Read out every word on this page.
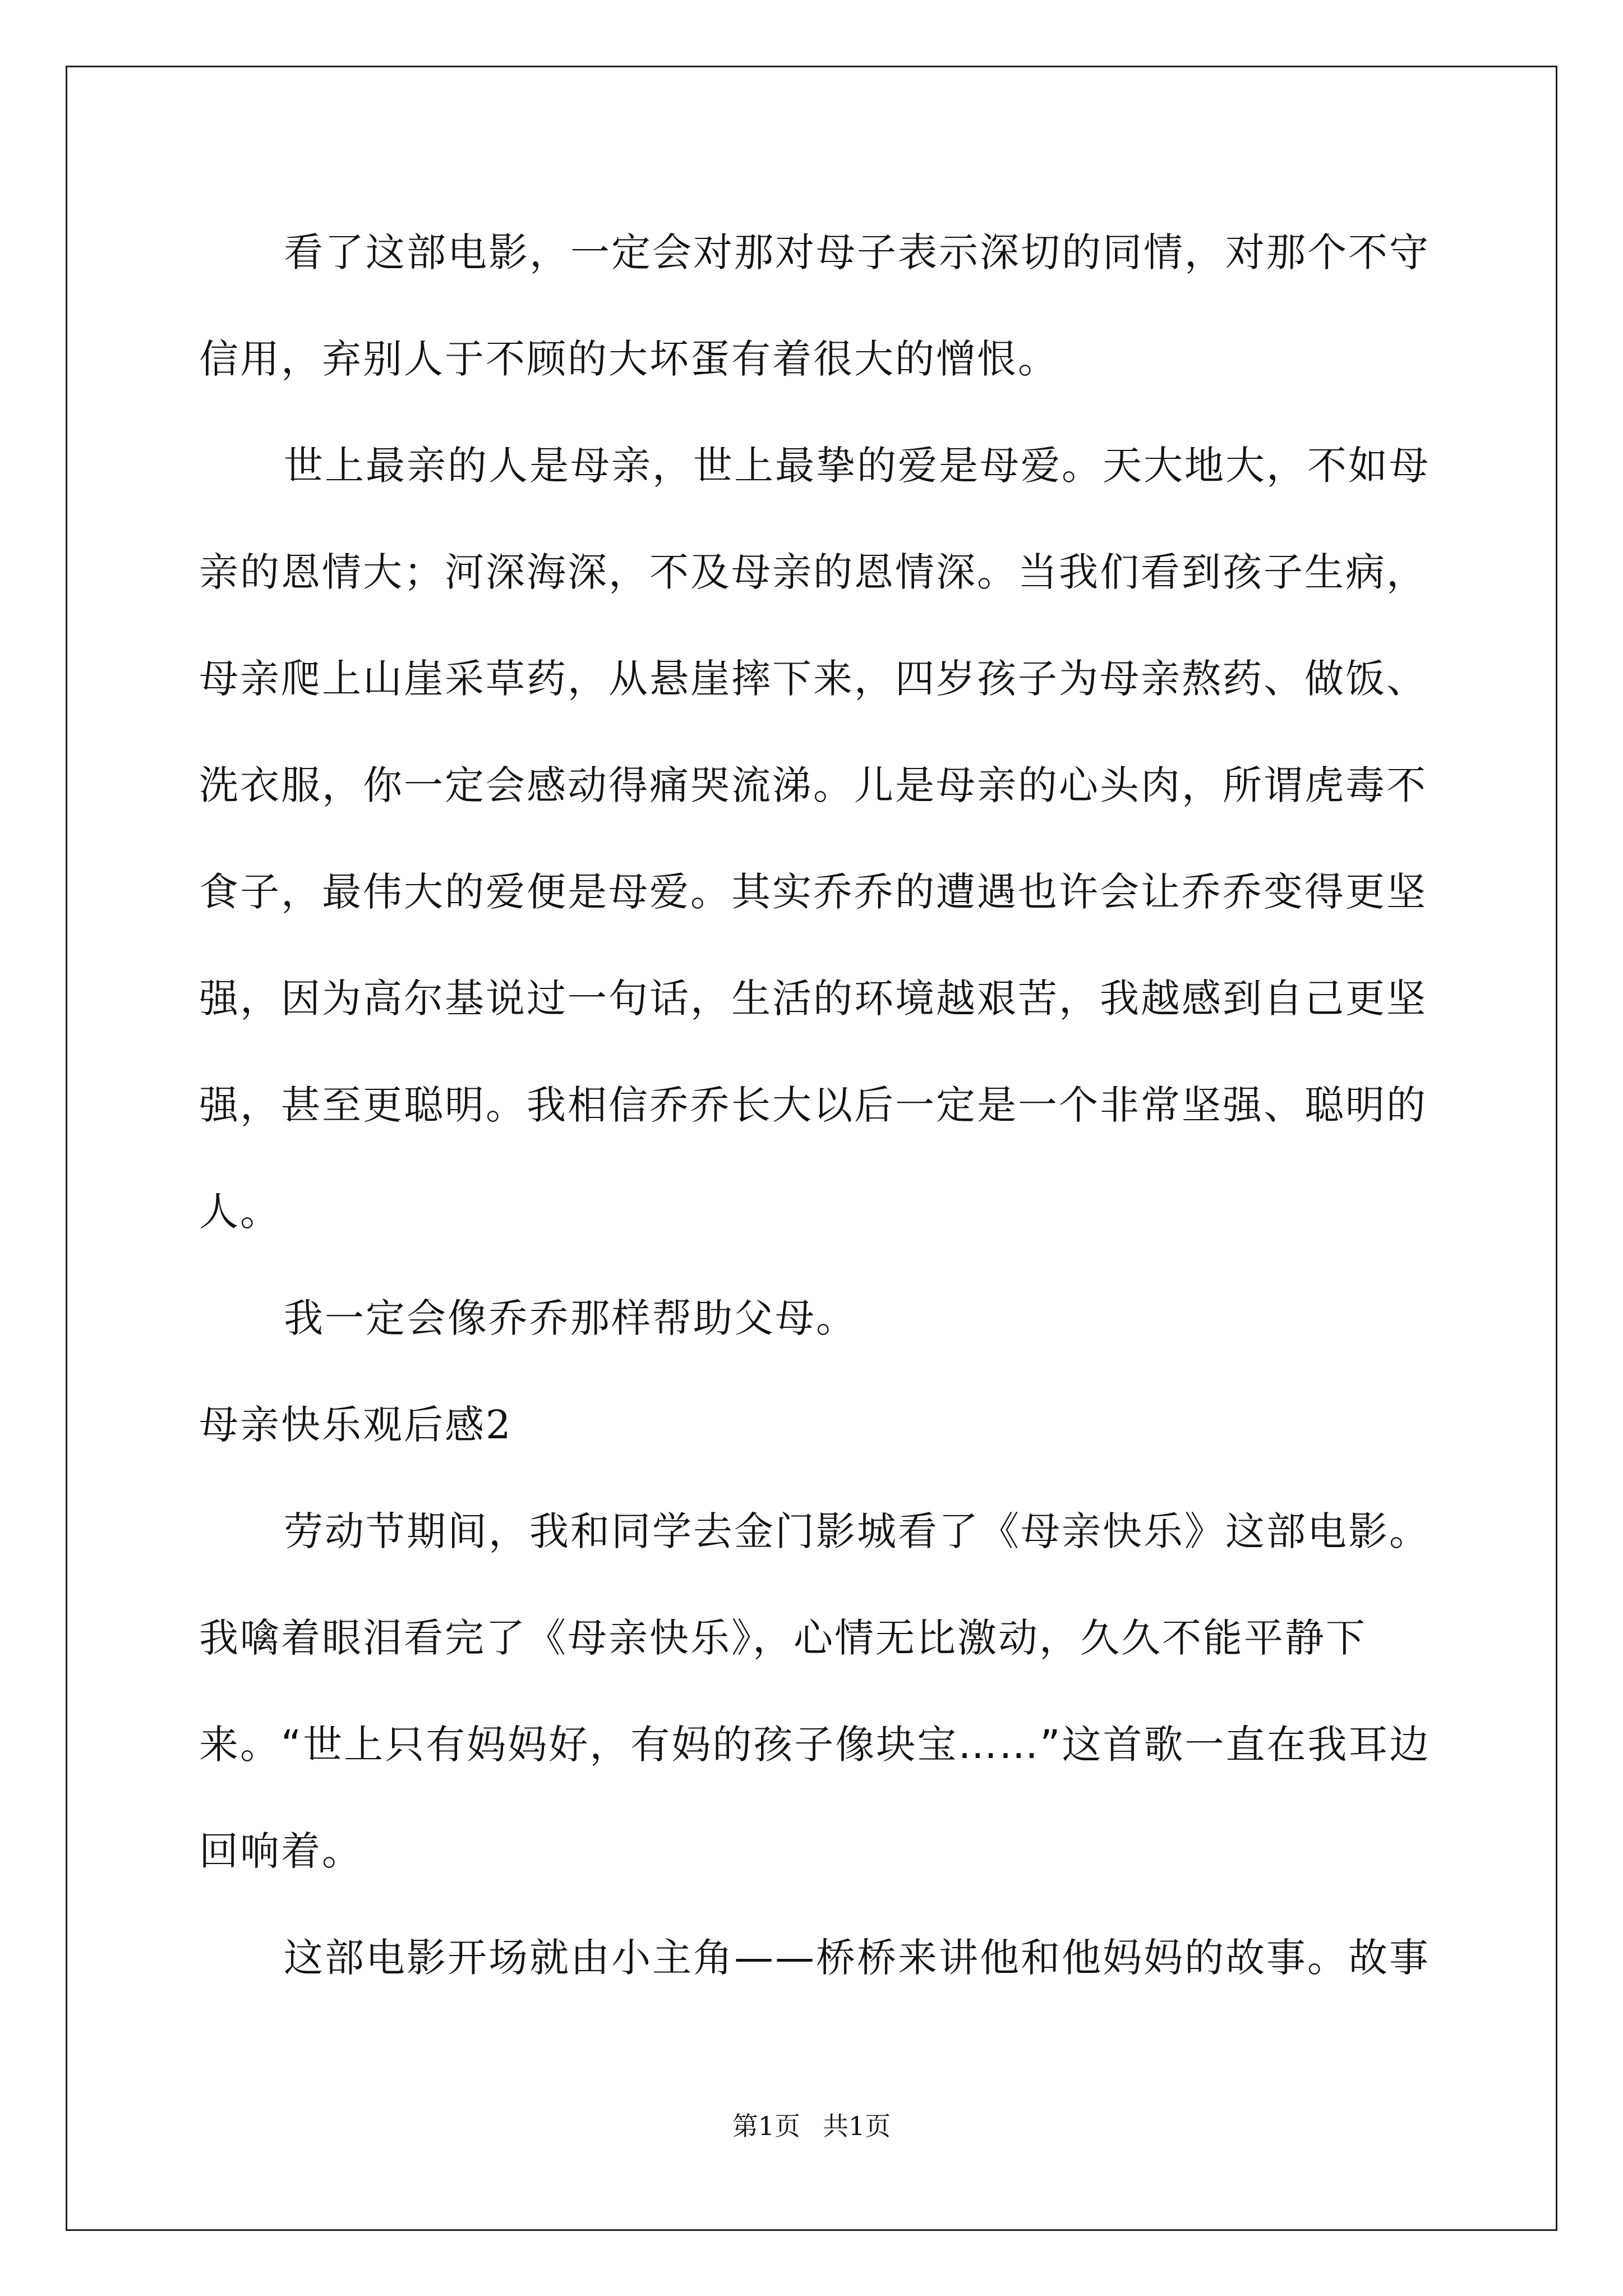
看了这部电影，一定会对那对母子表示深切的同情，对那个不守信用，弃别人于不顾的大坏蛋有着很大的憎恨。

世上最亲的人是母亲，世上最挚的爱是母爱。天大地大，不如母亲的恩情大；河深海深，不及母亲的恩情深。当我们看到孩子生病，母亲爬上山崖采草药，从悬崖摔下来，四岁孩子为母亲熬药、做饭、洗衣服，你一定会感动得痛哭流涕。儿是母亲的心头肉，所谓虎毒不食子，最伟大的爱便是母爱。其实乔乔的遭遇也许会让乔乔变得更坚强，因为高尔基说过一句话，生活的环境越艰苦，我越感到自己更坚强，甚至更聪明。我相信乔乔长大以后一定是一个非常坚强、聪明的人。

我一定会像乔乔那样帮助父母。

母亲快乐观后感2

劳动节期间，我和同学去金门影城看了《母亲快乐》这部电影。我噙着眼泪看完了《母亲快乐》，心情无比激动，久久不能平静下来。“世上只有妈妈好，有妈的孩子像块宝……”这首歌一直在我耳边回响着。

这部电影开场就由小主角——桥桥来讲他和他妈妈的故事。故事

第1页 共1页
